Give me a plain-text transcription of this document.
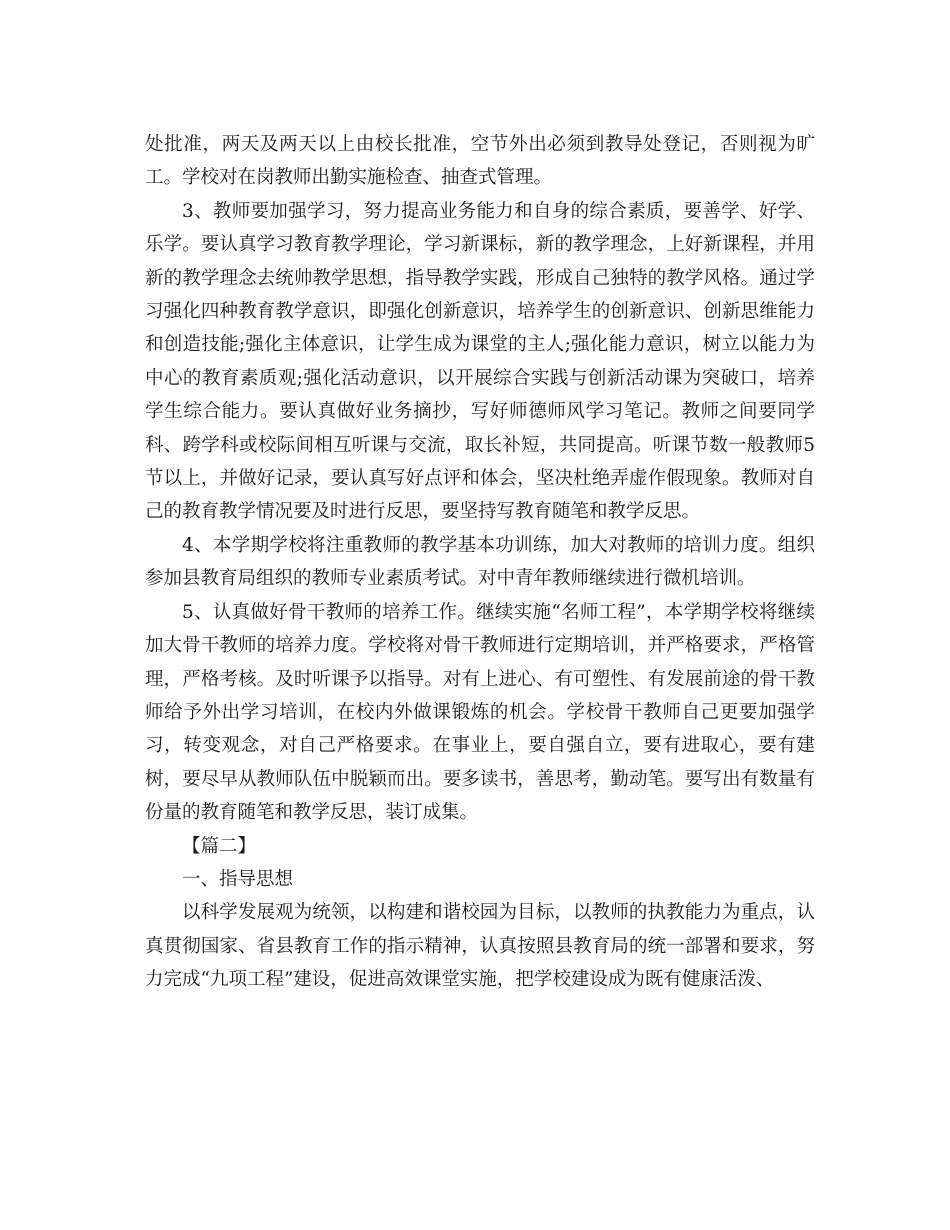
处批准，两天及两天以上由校长批准，空节外出必须到教导处登记，否则视为旷工。学校对在岗教师出勤实施检查、抽查式管理。

3、教师要加强学习，努力提高业务能力和自身的综合素质，要善学、好学、乐学。要认真学习教育教学理论，学习新课标，新的教学理念，上好新课程，并用新的教学理念去统帅教学思想，指导教学实践，形成自己独特的教学风格。通过学习强化四种教育教学意识，即强化创新意识，培养学生的创新意识、创新思维能力和创造技能;强化主体意识，让学生成为课堂的主人;强化能力意识，树立以能力为中心的教育素质观;强化活动意识，以开展综合实践与创新活动课为突破口，培养学生综合能力。要认真做好业务摘抄，写好师德师风学习笔记。教师之间要同学科、跨学科或校际间相互听课与交流，取长补短，共同提高。听课节数一般教师5节以上，并做好记录，要认真写好点评和体会，坚决杜绝弄虚作假现象。教师对自己的教育教学情况要及时进行反思，要坚持写教育随笔和教学反思。

4、本学期学校将注重教师的教学基本功训练，加大对教师的培训力度。组织参加县教育局组织的教师专业素质考试。对中青年教师继续进行微机培训。

5、认真做好骨干教师的培养工作。继续实施“名师工程”，本学期学校将继续加大骨干教师的培养力度。学校将对骨干教师进行定期培训，并严格要求，严格管理，严格考核。及时听课予以指导。对有上进心、有可塑性、有发展前途的骨干教师给予外出学习培训，在校内外做课锻炼的机会。学校骨干教师自己更要加强学习，转变观念，对自己严格要求。在事业上，要自强自立，要有进取心，要有建树，要尽早从教师队伍中脱颖而出。要多读书，善思考，勤动笔。要写出有数量有份量的教育随笔和教学反思，装订成集。

【篇二】

一、指导思想

以科学发展观为统领，以构建和谐校园为目标，以教师的执教能力为重点，认真贯彻国家、省县教育工作的指示精神，认真按照县教育局的统一部署和要求，努力完成“九项工程”建设，促进高效课堂实施，把学校建设成为既有健康活泼、
